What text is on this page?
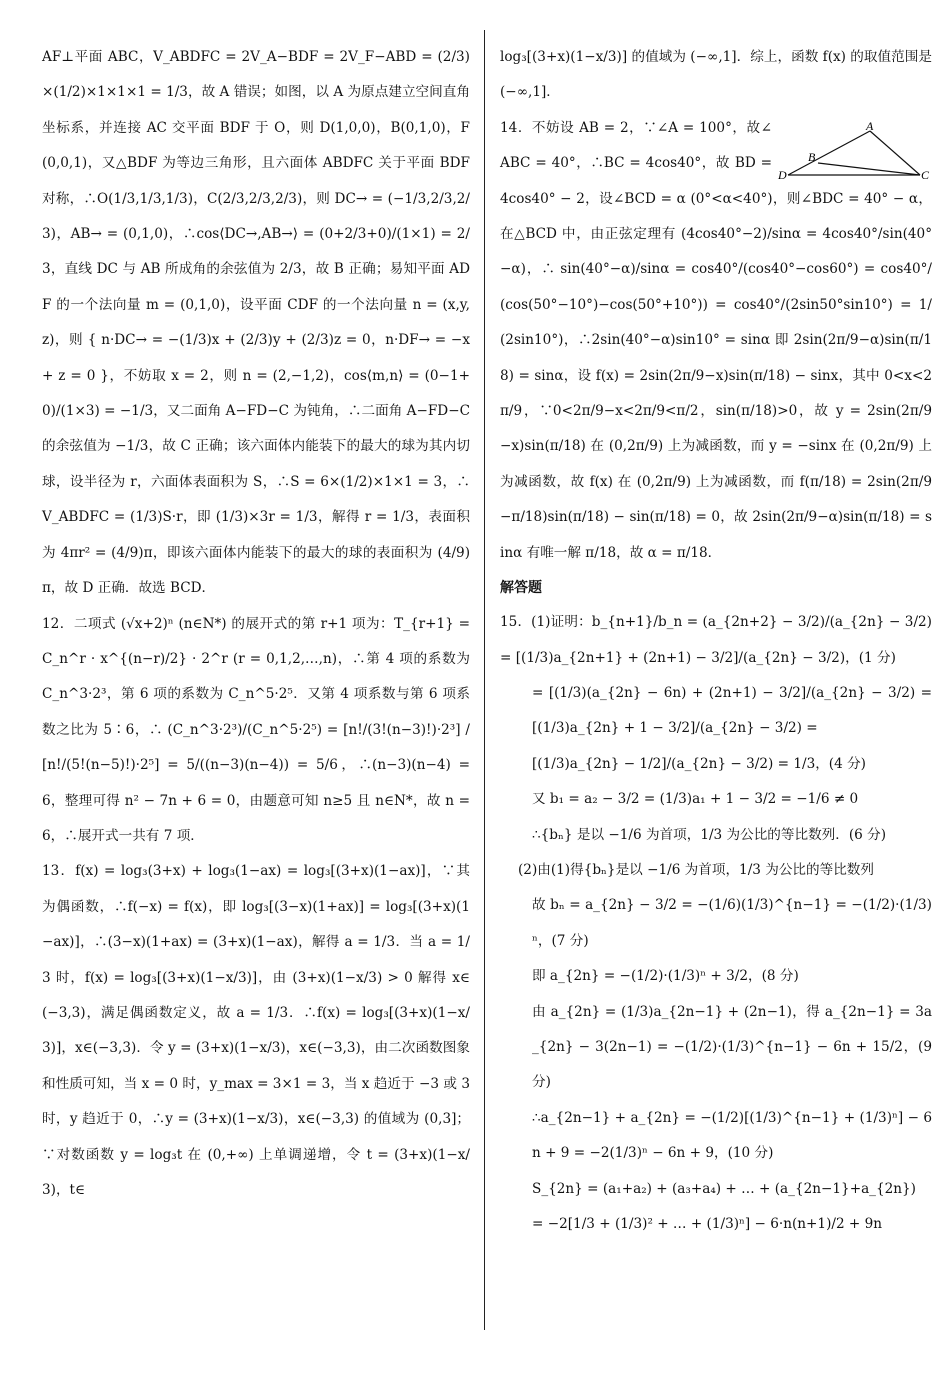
AF⊥平面 ABC，V_ABDFC = 2V_A−BDF = 2V_F−ABD = (2/3)×(1/2)×1×1×1 = 1/3，故 A 错误；如图，以 A 为原点建立空间直角坐标系，并连接 AC 交平面 BDF 于 O，则 D(1,0,0)，B(0,1,0)，F(0,0,1)，又△BDF 为等边三角形，且六面体 ABDFC 关于平面 BDF 对称，∴O(1/3,1/3,1/3)，C(2/3,2/3,2/3)，则 DC→ = (−1/3,2/3,2/3)，AB→ = (0,1,0)，∴cos⟨DC→,AB→⟩ = (0+2/3+0)/(1×1) = 2/3，直线 DC 与 AB 所成角的余弦值为 2/3，故 B 正确；易知平面 ADF 的一个法向量 m = (0,1,0)，设平面 CDF 的一个法向量 n = (x,y,z)，则 { n·DC→ = −(1/3)x + (2/3)y + (2/3)z = 0，n·DF→ = −x + z = 0 }，不妨取 x = 2，则 n = (2,−1,2)，cos⟨m,n⟩ = (0−1+0)/(1×3) = −1/3，又二面角 A−FD−C 为钝角，∴二面角 A−FD−C 的余弦值为 −1/3，故 C 正确；该六面体内能装下的最大的球为其内切球，设半径为 r，六面体表面积为 S，∴S = 6×(1/2)×1×1 = 3，∴V_ABDFC = (1/3)S·r，即 (1/3)×3r = 1/3，解得 r = 1/3，表面积为 4πr² = (4/9)π，即该六面体内能装下的最大的球的表面积为 (4/9)π，故 D 正确．故选 BCD．
12．二项式 (√x+2)ⁿ (n∈N*) 的展开式的第 r+1 项为：T_{r+1} = C_n^r · x^{(n−r)/2} · 2^r (r = 0,1,2,…,n)，∴第 4 项的系数为 C_n^3·2³，第 6 项的系数为 C_n^5·2⁵．又第 4 项系数与第 6 项系数之比为 5∶6，∴ (C_n^3·2³)/(C_n^5·2⁵) = [n!/(3!(n−3)!)·2³] / [n!/(5!(n−5)!)·2⁵] = 5/((n−3)(n−4)) = 5/6，∴(n−3)(n−4) = 6，整理可得 n² − 7n + 6 = 0，由题意可知 n≥5 且 n∈N*，故 n = 6，∴展开式一共有 7 项．
13．f(x) = log₃(3+x) + log₃(1−ax) = log₃[(3+x)(1−ax)]，∵其为偶函数，∴f(−x) = f(x)，即 log₃[(3−x)(1+ax)] = log₃[(3+x)(1−ax)]，∴(3−x)(1+ax) = (3+x)(1−ax)，解得 a = 1/3．当 a = 1/3 时，f(x) = log₃[(3+x)(1−x/3)]，由 (3+x)(1−x/3) > 0 解得 x∈(−3,3)，满足偶函数定义，故 a = 1/3．∴f(x) = log₃[(3+x)(1−x/3)]，x∈(−3,3)．令 y = (3+x)(1−x/3)，x∈(−3,3)，由二次函数图象和性质可知，当 x = 0 时，y_max = 3×1 = 3，当 x 趋近于 −3 或 3 时，y 趋近于 0，∴y = (3+x)(1−x/3)，x∈(−3,3) 的值域为 (0,3]；∵对数函数 y = log₃t 在 (0,+∞) 上单调递增，令 t = (3+x)(1−x/3)，t∈
log₃[(3+x)(1−x/3)] 的值域为 (−∞,1]．综上，函数 f(x) 的取值范围是 (−∞,1]．
A
B
C
D
14．不妨设 AB = 2，∵∠A = 100°，故∠ABC = 40°，∴BC = 4cos40°，故 BD = 4cos40° − 2，设∠BCD = α (0°<α<40°)，则∠BDC = 40° − α，在△BCD 中，由正弦定理有 (4cos40°−2)/sinα = 4cos40°/sin(40°−α)，∴ sin(40°−α)/sinα = cos40°/(cos40°−cos60°) = cos40°/(cos(50°−10°)−cos(50°+10°)) = cos40°/(2sin50°sin10°) = 1/(2sin10°)，∴2sin(40°−α)sin10° = sinα 即 2sin(2π/9−α)sin(π/18) = sinα，设 f(x) = 2sin(2π/9−x)sin(π/18) − sinx，其中 0<x<2π/9，∵0<2π/9−x<2π/9<π/2，sin(π/18)>0，故 y = 2sin(2π/9−x)sin(π/18) 在 (0,2π/9) 上为减函数，而 y = −sinx 在 (0,2π/9) 上为减函数，故 f(x) 在 (0,2π/9) 上为减函数，而 f(π/18) = 2sin(2π/9−π/18)sin(π/18) − sin(π/18) = 0，故 2sin(2π/9−α)sin(π/18) = sinα 有唯一解 π/18，故 α = π/18．
解答题
15．(1)证明：b_{n+1}/b_n = (a_{2n+2} − 3/2)/(a_{2n} − 3/2) = [(1/3)a_{2n+1} + (2n+1) − 3/2]/(a_{2n} − 3/2)，(1 分)
= [(1/3)(a_{2n} − 6n) + (2n+1) − 3/2]/(a_{2n} − 3/2) = [(1/3)a_{2n} + 1 − 3/2]/(a_{2n} − 3/2) =
[(1/3)a_{2n} − 1/2]/(a_{2n} − 3/2) = 1/3，(4 分)
又 b₁ = a₂ − 3/2 = (1/3)a₁ + 1 − 3/2 = −1/6 ≠ 0
∴{bₙ} 是以 −1/6 为首项，1/3 为公比的等比数列．(6 分)
(2)由(1)得{bₙ}是以 −1/6 为首项，1/3 为公比的等比数列
故 bₙ = a_{2n} − 3/2 = −(1/6)(1/3)^{n−1} = −(1/2)·(1/3)ⁿ，(7 分)
即 a_{2n} = −(1/2)·(1/3)ⁿ + 3/2，(8 分)
由 a_{2n} = (1/3)a_{2n−1} + (2n−1)，得 a_{2n−1} = 3a_{2n} − 3(2n−1) = −(1/2)·(1/3)^{n−1} − 6n + 15/2，(9 分)
∴a_{2n−1} + a_{2n} = −(1/2)[(1/3)^{n−1} + (1/3)ⁿ] − 6n + 9 = −2(1/3)ⁿ − 6n + 9，(10 分)
S_{2n} = (a₁+a₂) + (a₃+a₄) + … + (a_{2n−1}+a_{2n})
= −2[1/3 + (1/3)² + … + (1/3)ⁿ] − 6·n(n+1)/2 + 9n
